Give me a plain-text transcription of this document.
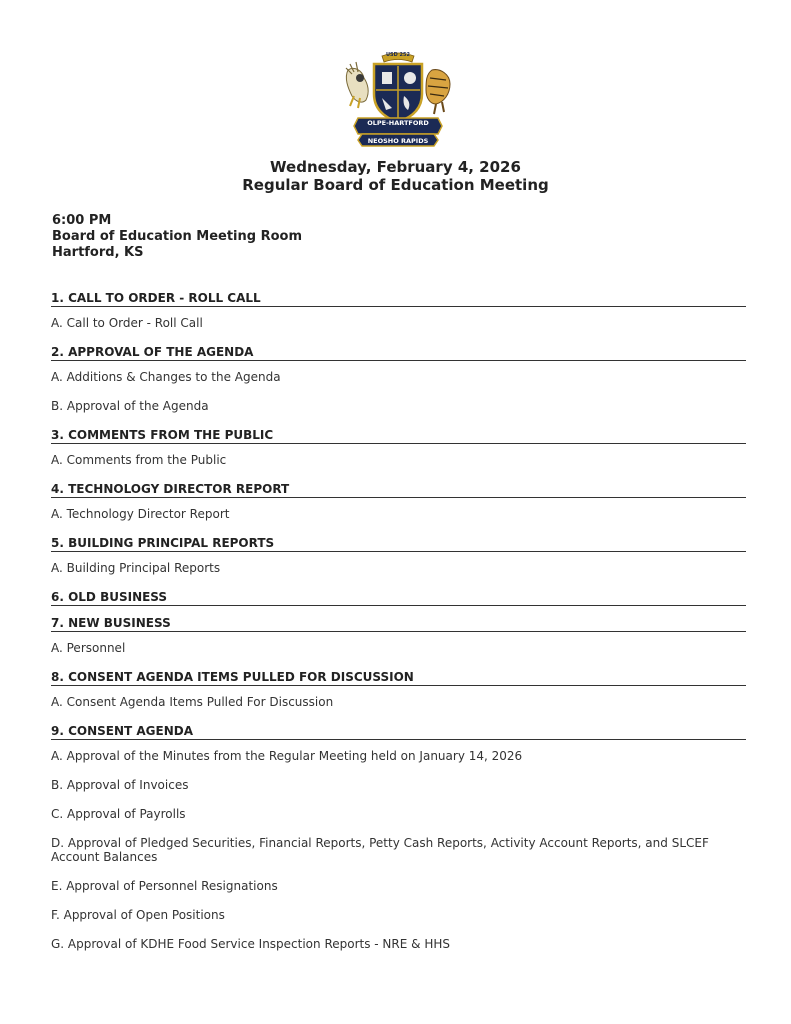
USD 252
OLPE-HARTFORD
NEOSHO RAPIDS
Wednesday, February 4, 2026
Regular Board of Education Meeting
6:00 PM
Board of Education Meeting Room
Hartford, KS
1. CALL TO ORDER - ROLL CALL
A. Call to Order - Roll Call
2. APPROVAL OF THE AGENDA
A. Additions & Changes to the Agenda
B. Approval of the Agenda
3. COMMENTS FROM THE PUBLIC
A. Comments from the Public
4. TECHNOLOGY DIRECTOR REPORT
A. Technology Director Report
5. BUILDING PRINCIPAL REPORTS
A. Building Principal Reports
6. OLD BUSINESS
7. NEW BUSINESS
A. Personnel
8. CONSENT AGENDA ITEMS PULLED FOR DISCUSSION
A. Consent Agenda Items Pulled For Discussion
9. CONSENT AGENDA
A. Approval of the Minutes from the Regular Meeting held on January 14, 2026
B. Approval of Invoices
C. Approval of Payrolls
D. Approval of Pledged Securities, Financial Reports, Petty Cash Reports, Activity Account Reports, and SLCEF Account Balances
E. Approval of Personnel Resignations
F. Approval of Open Positions
G. Approval of KDHE Food Service Inspection Reports - NRE & HHS
